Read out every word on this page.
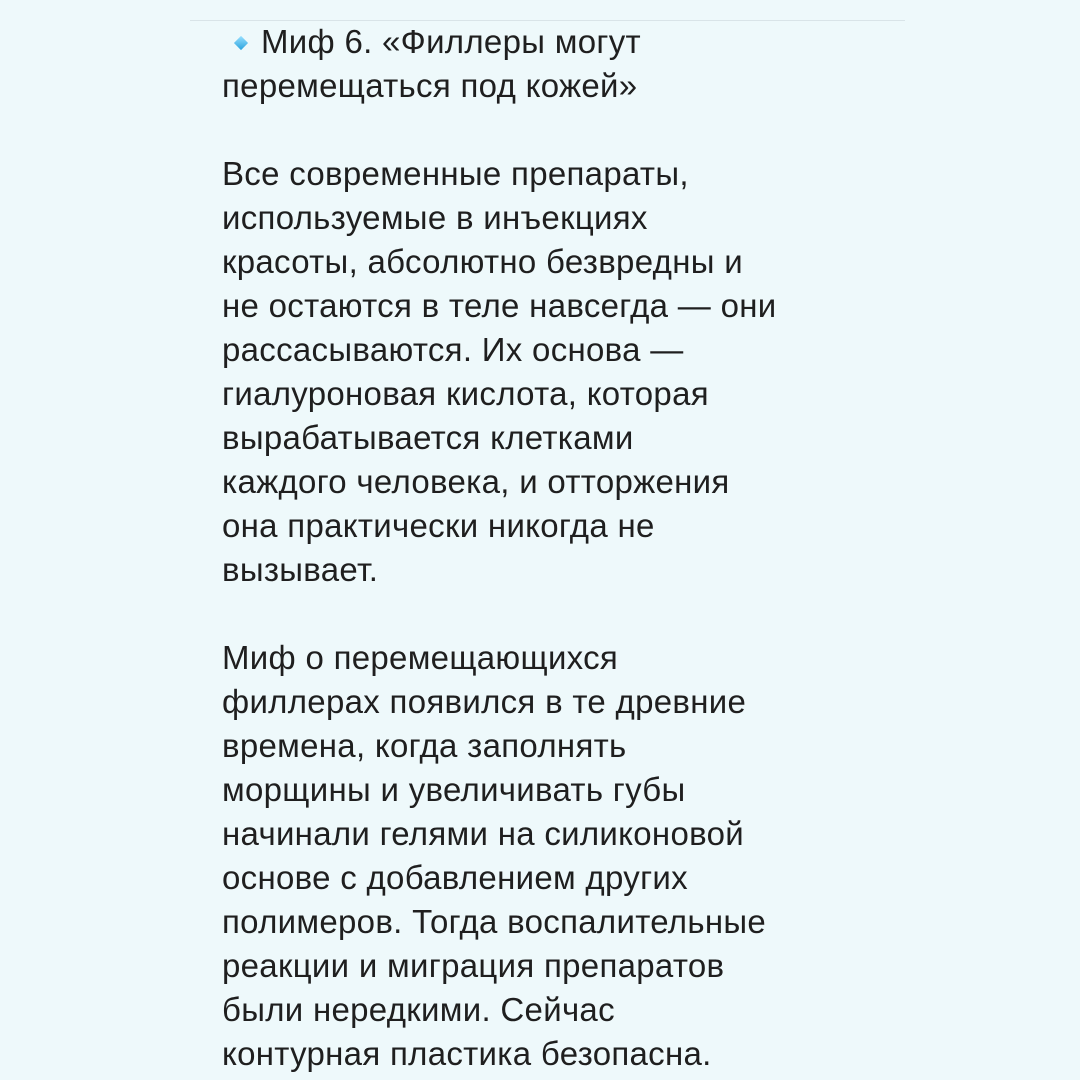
Миф 6. «Филлеры могут
перемещаться под кожей»

Все современные препараты,
используемые в инъекциях
красоты, абсолютно безвредны и
не остаются в теле навсегда — они
рассасываются. Их основа —
гиалуроновая кислота, которая
вырабатывается клетками
каждого человека, и отторжения
она практически никогда не
вызывает.

Миф о перемещающихся
филлерах появился в те древние
времена, когда заполнять
морщины и увеличивать губы
начинали гелями на силиконовой
основе с добавлением других
полимеров. Тогда воспалительные
реакции и миграция препаратов
были нередкими. Сейчас
контурная пластика безопасна.
